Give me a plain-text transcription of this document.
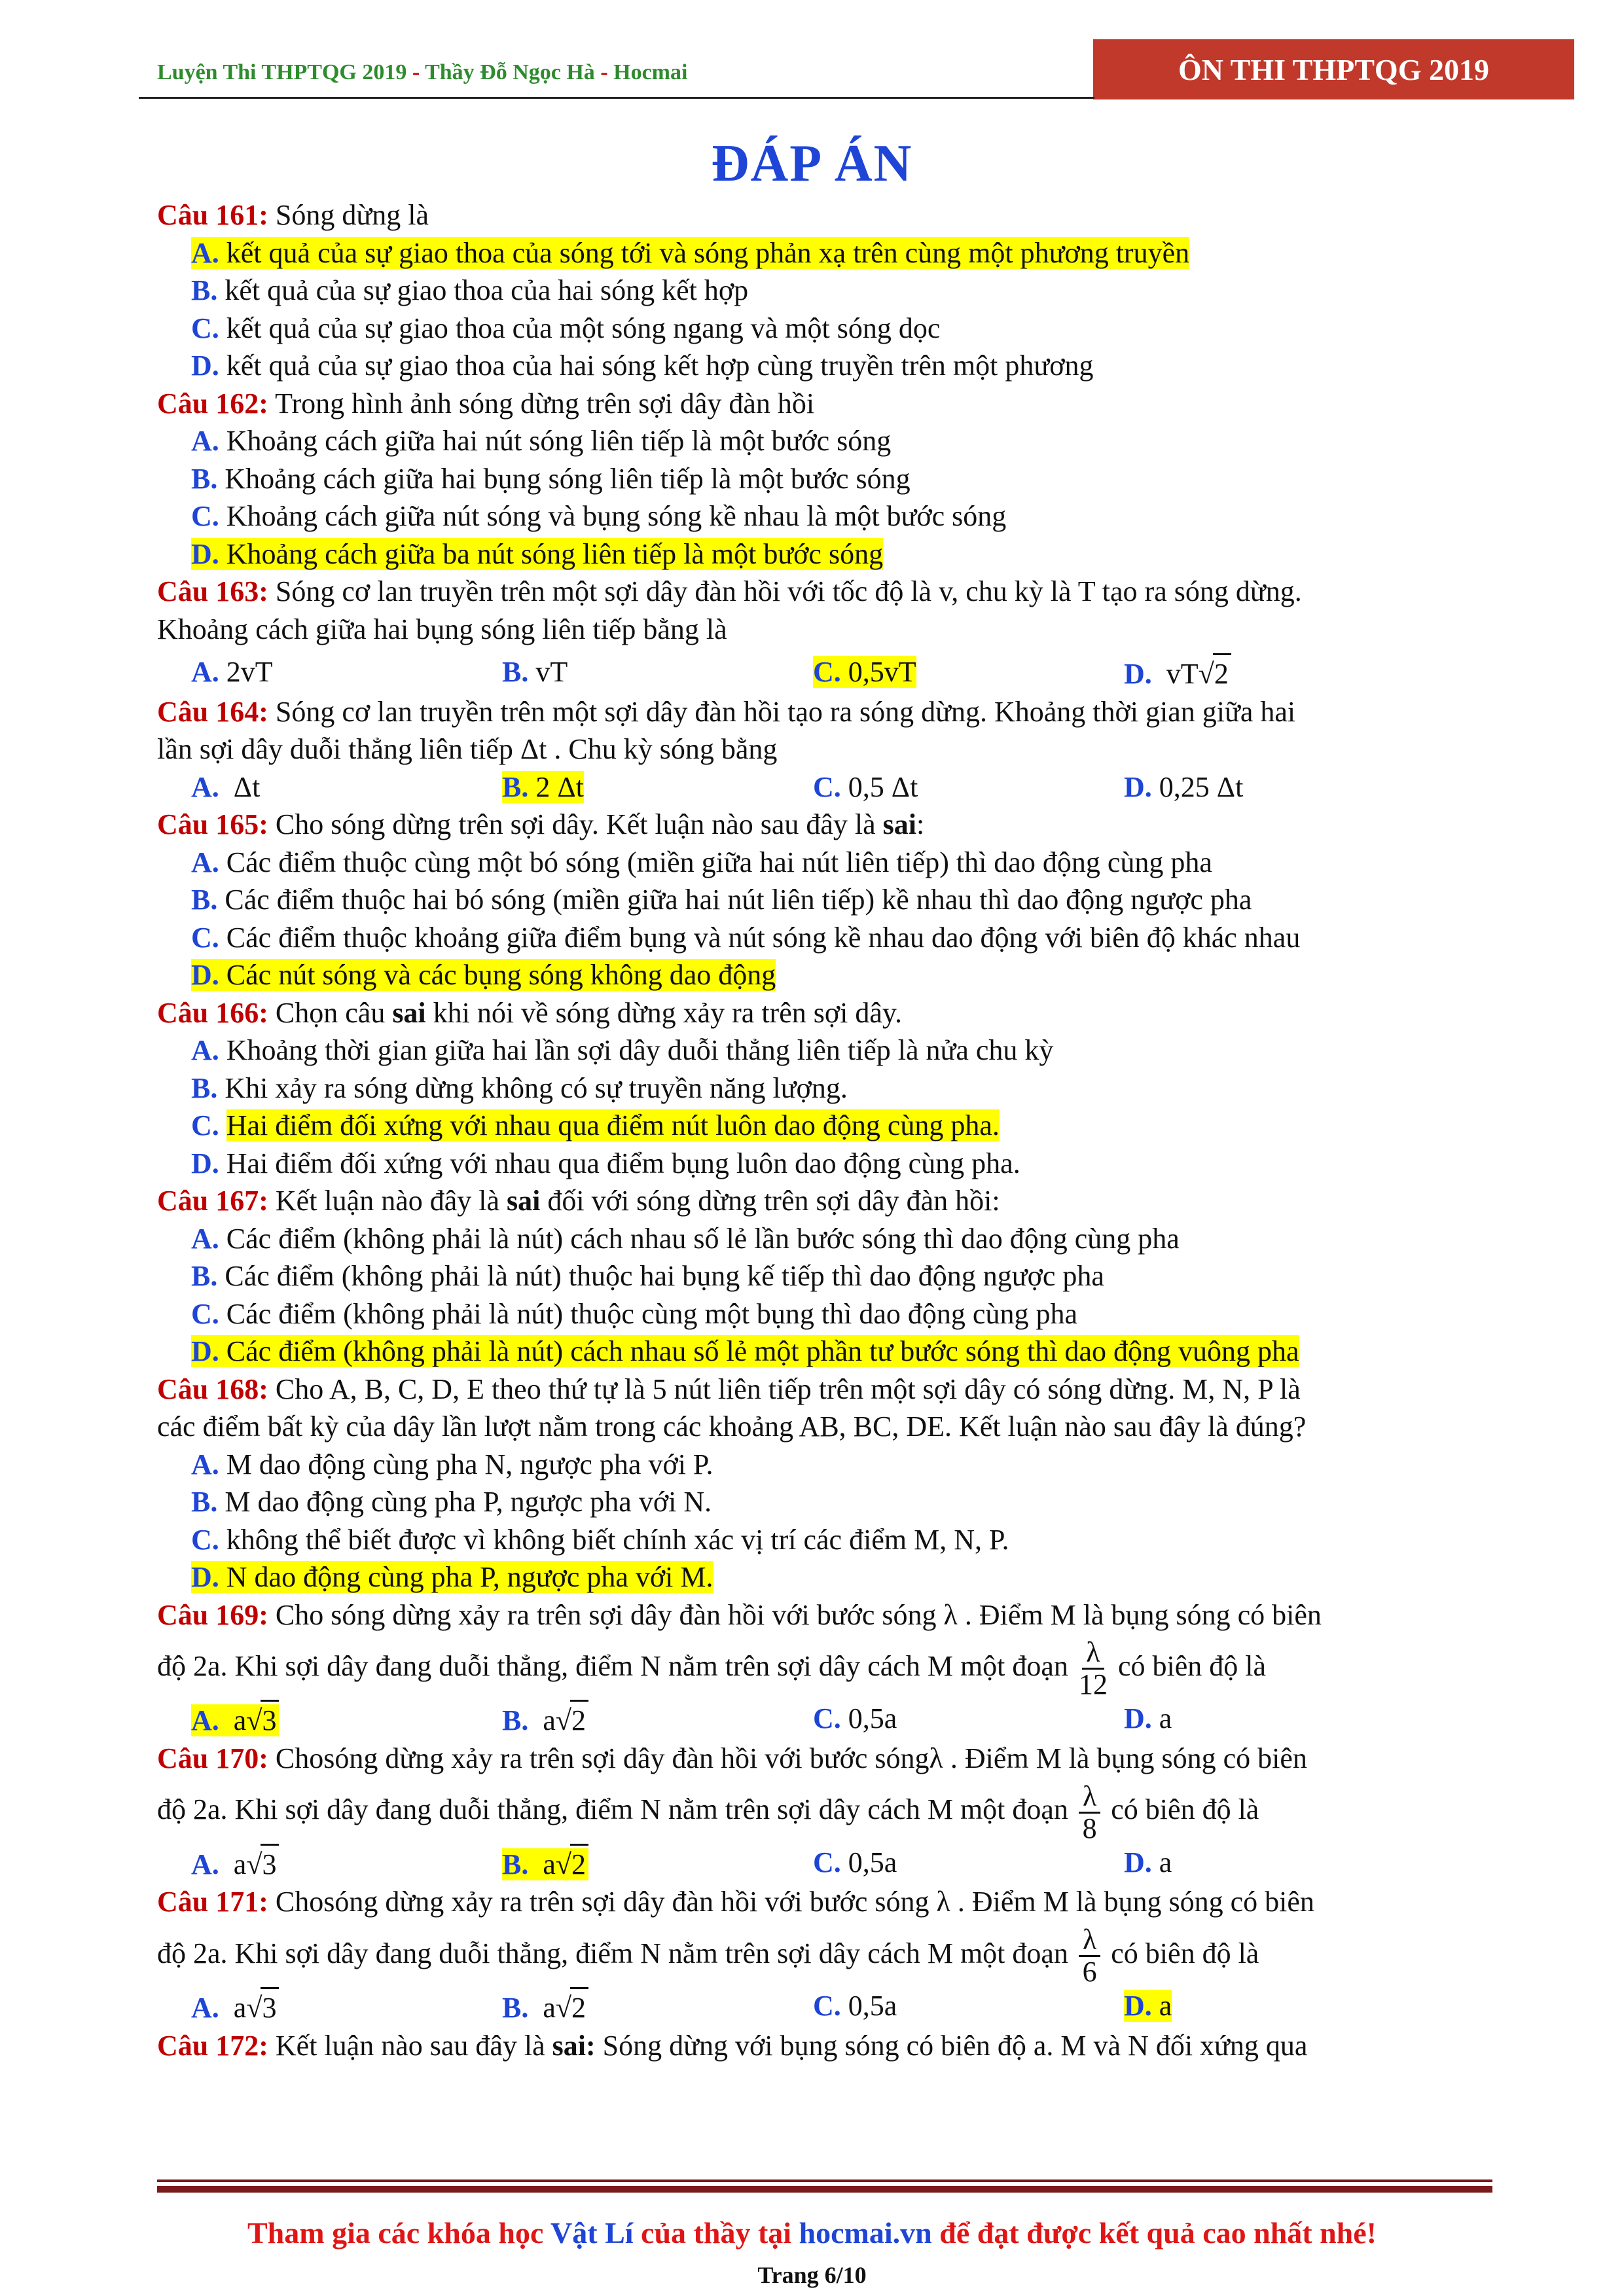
Luyện Thi THPTQG 2019 - Thầy Đỗ Ngọc Hà - Hocmai	ÔN THI THPTQG 2019
ĐÁP ÁN

Câu 161: Sóng dừng là

A. kết quả của sự giao thoa của sóng tới và sóng phản xạ trên cùng một phương truyền

B. kết quả của sự giao thoa của hai sóng kết hợp

C. kết quả của sự giao thoa của một sóng ngang và một sóng dọc

D. kết quả của sự giao thoa của hai sóng kết hợp cùng truyền trên một phương

Câu 162: Trong hình ảnh sóng dừng trên sợi dây đàn hồi

A. Khoảng cách giữa hai nút sóng liên tiếp là một bước sóng

B. Khoảng cách giữa hai bụng sóng liên tiếp là một bước sóng

C. Khoảng cách giữa nút sóng và bụng sóng kề nhau là một bước sóng

D. Khoảng cách giữa ba nút sóng liên tiếp là một bước sóng

Câu 163: Sóng cơ lan truyền trên một sợi dây đàn hồi với tốc độ là v, chu kỳ là T tạo ra sóng dừng.

Khoảng cách giữa hai bụng sóng liên tiếp bằng là

A. 2vT	B. vT	C. 0,5vT	D. vT√2

Câu 164: Sóng cơ lan truyền trên một sợi dây đàn hồi tạo ra sóng dừng. Khoảng thời gian giữa hai

lần sợi dây duỗi thẳng liên tiếp Δt . Chu kỳ sóng bằng

A. Δt	B. 2 Δt	C. 0,5 Δt	D. 0,25 Δt

Câu 165: Cho sóng dừng trên sợi dây. Kết luận nào sau đây là sai:

A. Các điểm thuộc cùng một bó sóng (miền giữa hai nút liên tiếp) thì dao động cùng pha

B. Các điểm thuộc hai bó sóng (miền giữa hai nút liên tiếp) kề nhau thì dao động ngược pha

C. Các điểm thuộc khoảng giữa điểm bụng và nút sóng kề nhau dao động với biên độ khác nhau

D. Các nút sóng và các bụng sóng không dao động

Câu 166: Chọn câu sai khi nói về sóng dừng xảy ra trên sợi dây.

A. Khoảng thời gian giữa hai lần sợi dây duỗi thẳng liên tiếp là nửa chu kỳ

B. Khi xảy ra sóng dừng không có sự truyền năng lượng.

C. Hai điểm đối xứng với nhau qua điểm nút luôn dao động cùng pha.

D. Hai điểm đối xứng với nhau qua điểm bụng luôn dao động cùng pha.

Câu 167: Kết luận nào đây là sai đối với sóng dừng trên sợi dây đàn hồi:

A. Các điểm (không phải là nút) cách nhau số lẻ lần bước sóng thì dao động cùng pha

B. Các điểm (không phải là nút) thuộc hai bụng kế tiếp thì dao động ngược pha

C. Các điểm (không phải là nút) thuộc cùng một bụng thì dao động cùng pha

D. Các điểm (không phải là nút) cách nhau số lẻ một phần tư bước sóng thì dao động vuông pha

Câu 168: Cho A, B, C, D, E theo thứ tự là 5 nút liên tiếp trên một sợi dây có sóng dừng. M, N, P là

các điểm bất kỳ của dây lần lượt nằm trong các khoảng AB, BC, DE. Kết luận nào sau đây là đúng?

A. M dao động cùng pha N, ngược pha với P.

B. M dao động cùng pha P, ngược pha với N.

C. không thể biết được vì không biết chính xác vị trí các điểm M, N, P.

D. N dao động cùng pha P, ngược pha với M.

Câu 169: Cho sóng dừng xảy ra trên sợi dây đàn hồi với bước sóng λ . Điểm M là bụng sóng có biên

độ 2a. Khi sợi dây đang duỗi thẳng, điểm N nằm trên sợi dây cách M một đoạn $\frac{\lambda}{12}$ có biên độ là

A. a√3	B. a√2	C. 0,5a	D. a

Câu 170: Chosóng dừng xảy ra trên sợi dây đàn hồi với bước sóngλ . Điểm M là bụng sóng có biên

độ 2a. Khi sợi dây đang duỗi thẳng, điểm N nằm trên sợi dây cách M một đoạn $\frac{\lambda}{8}$ có biên độ là

A. a√3	B. a√2	C. 0,5a	D. a

Câu 171: Chosóng dừng xảy ra trên sợi dây đàn hồi với bước sóng λ . Điểm M là bụng sóng có biên

độ 2a. Khi sợi dây đang duỗi thẳng, điểm N nằm trên sợi dây cách M một đoạn $\frac{\lambda}{6}$ có biên độ là

A. a√3	B. a√2	C. 0,5a	D. a

Câu 172: Kết luận nào sau đây là sai: Sóng dừng với bụng sóng có biên độ a. M và N đối xứng qua

Tham gia các khóa học Vật Lí của thầy tại hocmai.vn để đạt được kết quả cao nhất nhé!
Trang 6/10
